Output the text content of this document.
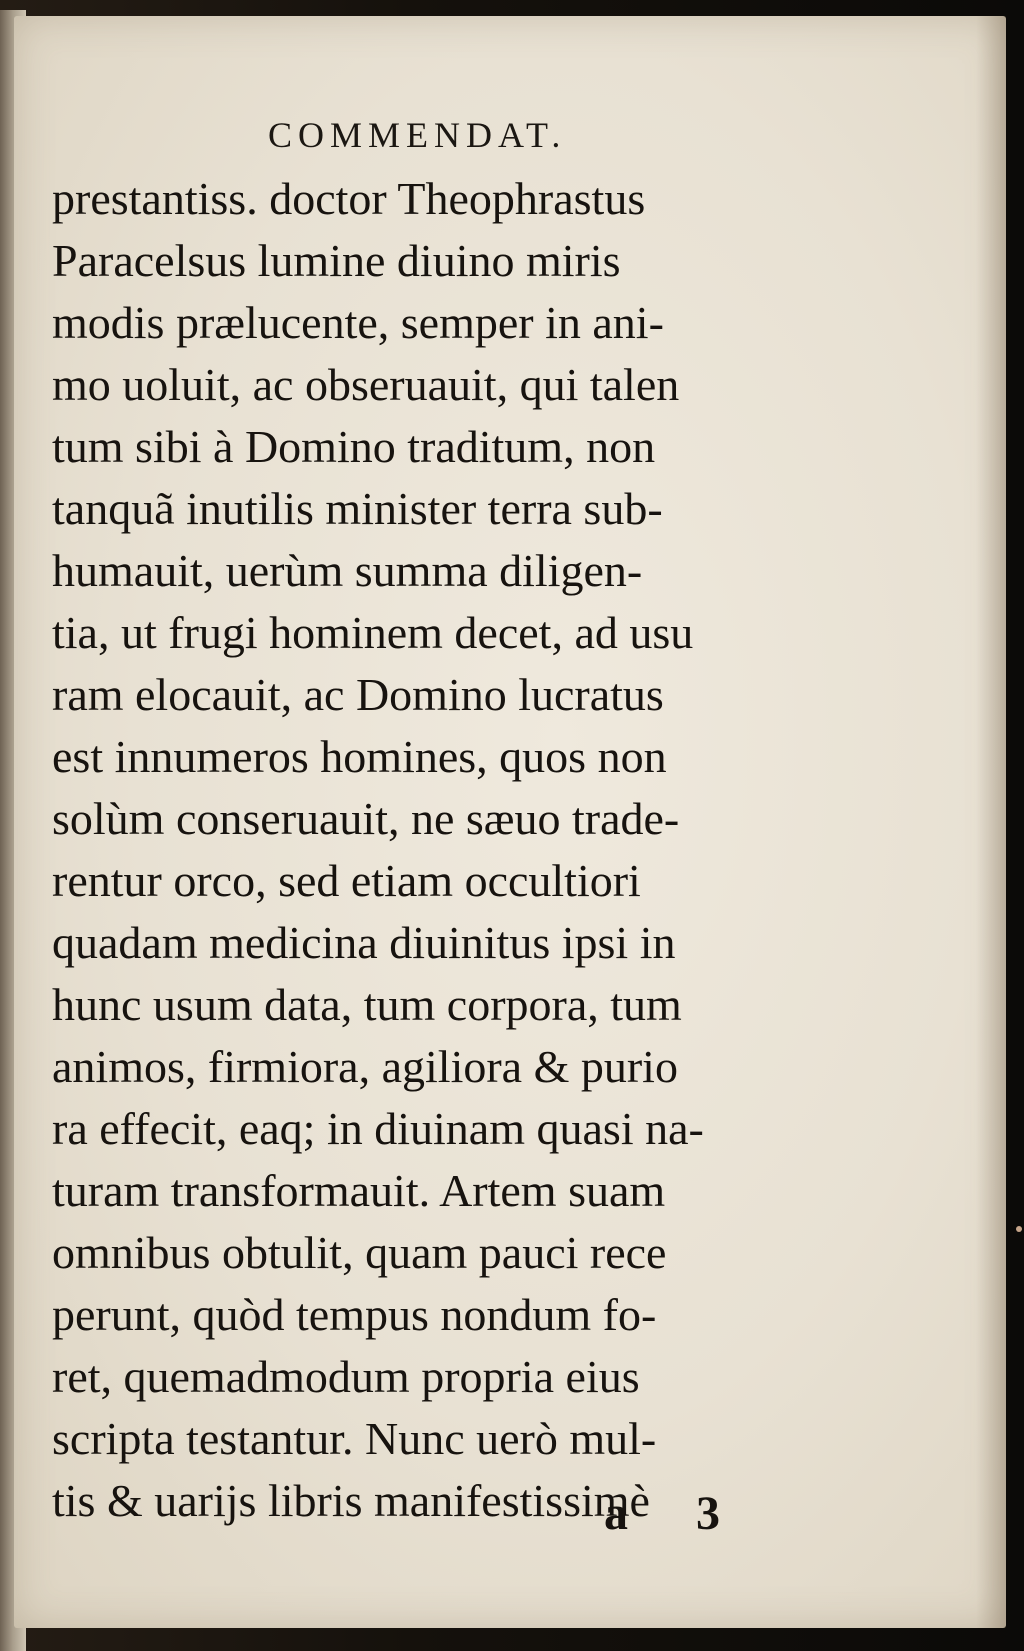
COMMENDAT.
prestantiss. doctor Theophrastus
Paracelsus lumine diuino miris
modis prælucente, semper in ani-
mo uoluit, ac obseruauit, qui talen
tum sibi à Domino traditum, non
tanquã inutilis minister terra sub-
humauit, uerùm summa diligen-
tia, ut frugi hominem decet, ad usu
ram elocauit, ac Domino lucratus
est innumeros homines, quos non
solùm conseruauit, ne sæuo trade-
rentur orco, sed etiam occultiori
quadam medicina diuinitus ipsi in
hunc usum data, tum corpora, tum
animos, firmiora, agiliora & purio
ra effecit, eaq; in diuinam quasi na-
turam transformauit. Artem suam
omnibus obtulit, quam pauci rece
perunt, quòd tempus nondum fo-
ret, quemadmodum propria eius
scripta testantur. Nunc uerò mul-
tis & uarijs libris manifestissimè
a 3
